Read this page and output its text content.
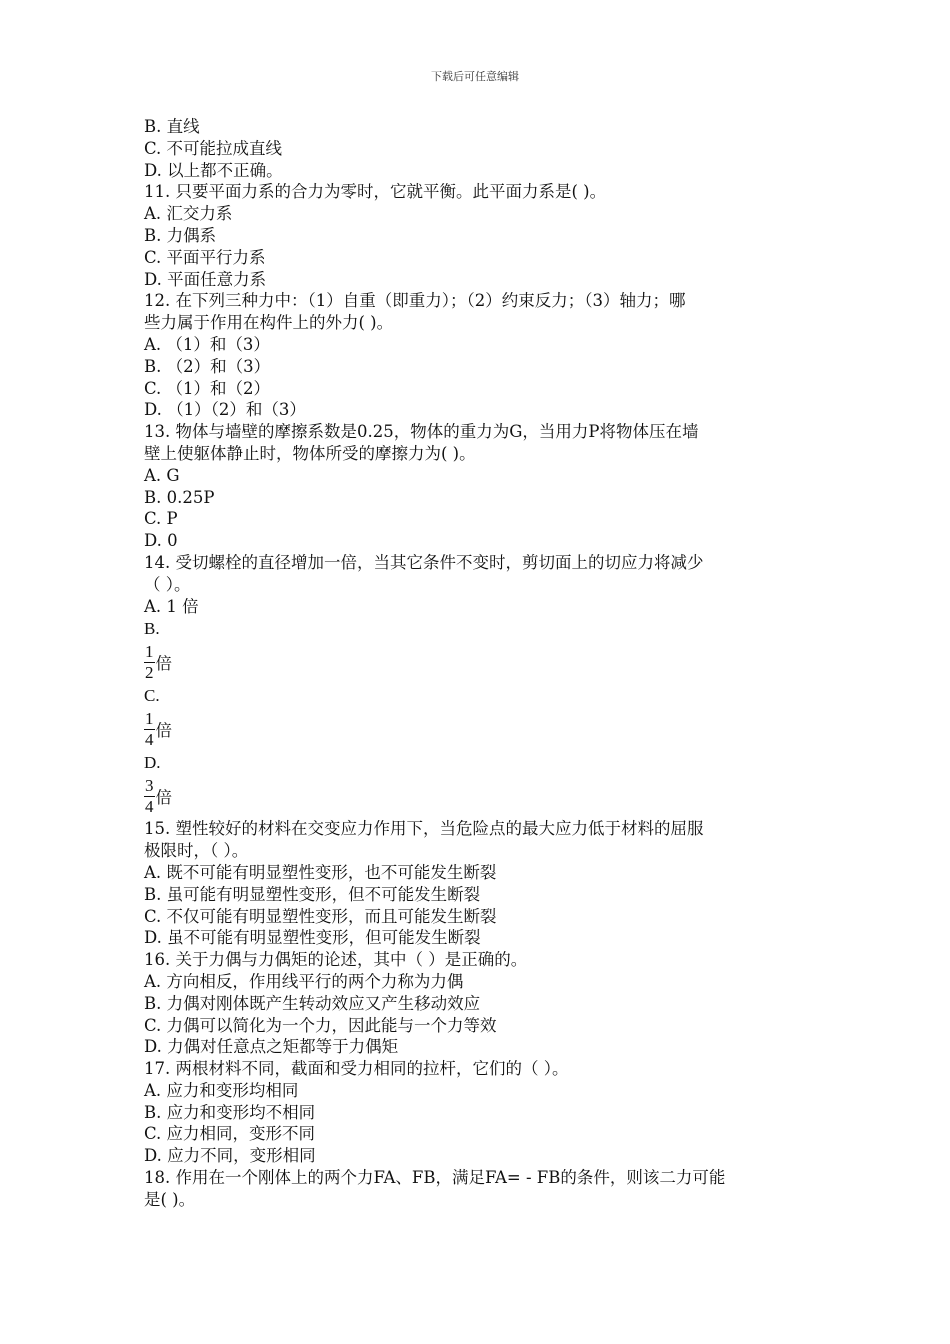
下载后可任意编辑
B. 直线
C. 不可能拉成直线
D. 以上都不正确。
11. 只要平面力系的合力为零时，它就平衡。此平面力系是( )。
A. 汇交力系
B. 力偶系
C. 平面平行力系
D. 平面任意力系
12. 在下列三种力中：（1）自重（即重力）；（2）约束反力；（3）轴力；哪
些力属于作用在构件上的外力( )。
A. （1）和（3）
B. （2）和（3）
C. （1）和（2）
D. （1）（2）和（3）
13. 物体与墙壁的摩擦系数是0.25，物体的重力为G，当用力P将物体压在墙
壁上使躯体静止时，物体所受的摩擦力为( )。
A. G
B. 0.25P
C. P
D. 0
14. 受切螺栓的直径增加一倍，当其它条件不变时，剪切面上的切应力将减少
（ ）。
A. 1 倍
B.
$\frac{1}{2}$ 倍
C.
$\frac{1}{4}$ 倍
D.
$\frac{3}{4}$ 倍
15. 塑性较好的材料在交变应力作用下，当危险点的最大应力低于材料的屈服
极限时，（ ）。
A. 既不可能有明显塑性变形，也不可能发生断裂
B. 虽可能有明显塑性变形，但不可能发生断裂
C. 不仅可能有明显塑性变形，而且可能发生断裂
D. 虽不可能有明显塑性变形，但可能发生断裂
16. 关于力偶与力偶矩的论述，其中（ ）是正确的。
A. 方向相反，作用线平行的两个力称为力偶
B. 力偶对刚体既产生转动效应又产生移动效应
C. 力偶可以简化为一个力，因此能与一个力等效
D. 力偶对任意点之矩都等于力偶矩
17. 两根材料不同，截面和受力相同的拉杆，它们的（ ）。
A. 应力和变形均相同
B. 应力和变形均不相同
C. 应力相同，变形不同
D. 应力不同，变形相同
18. 作用在一个刚体上的两个力FA、FB，满足FA= - FB的条件，则该二力可能
是( )。
